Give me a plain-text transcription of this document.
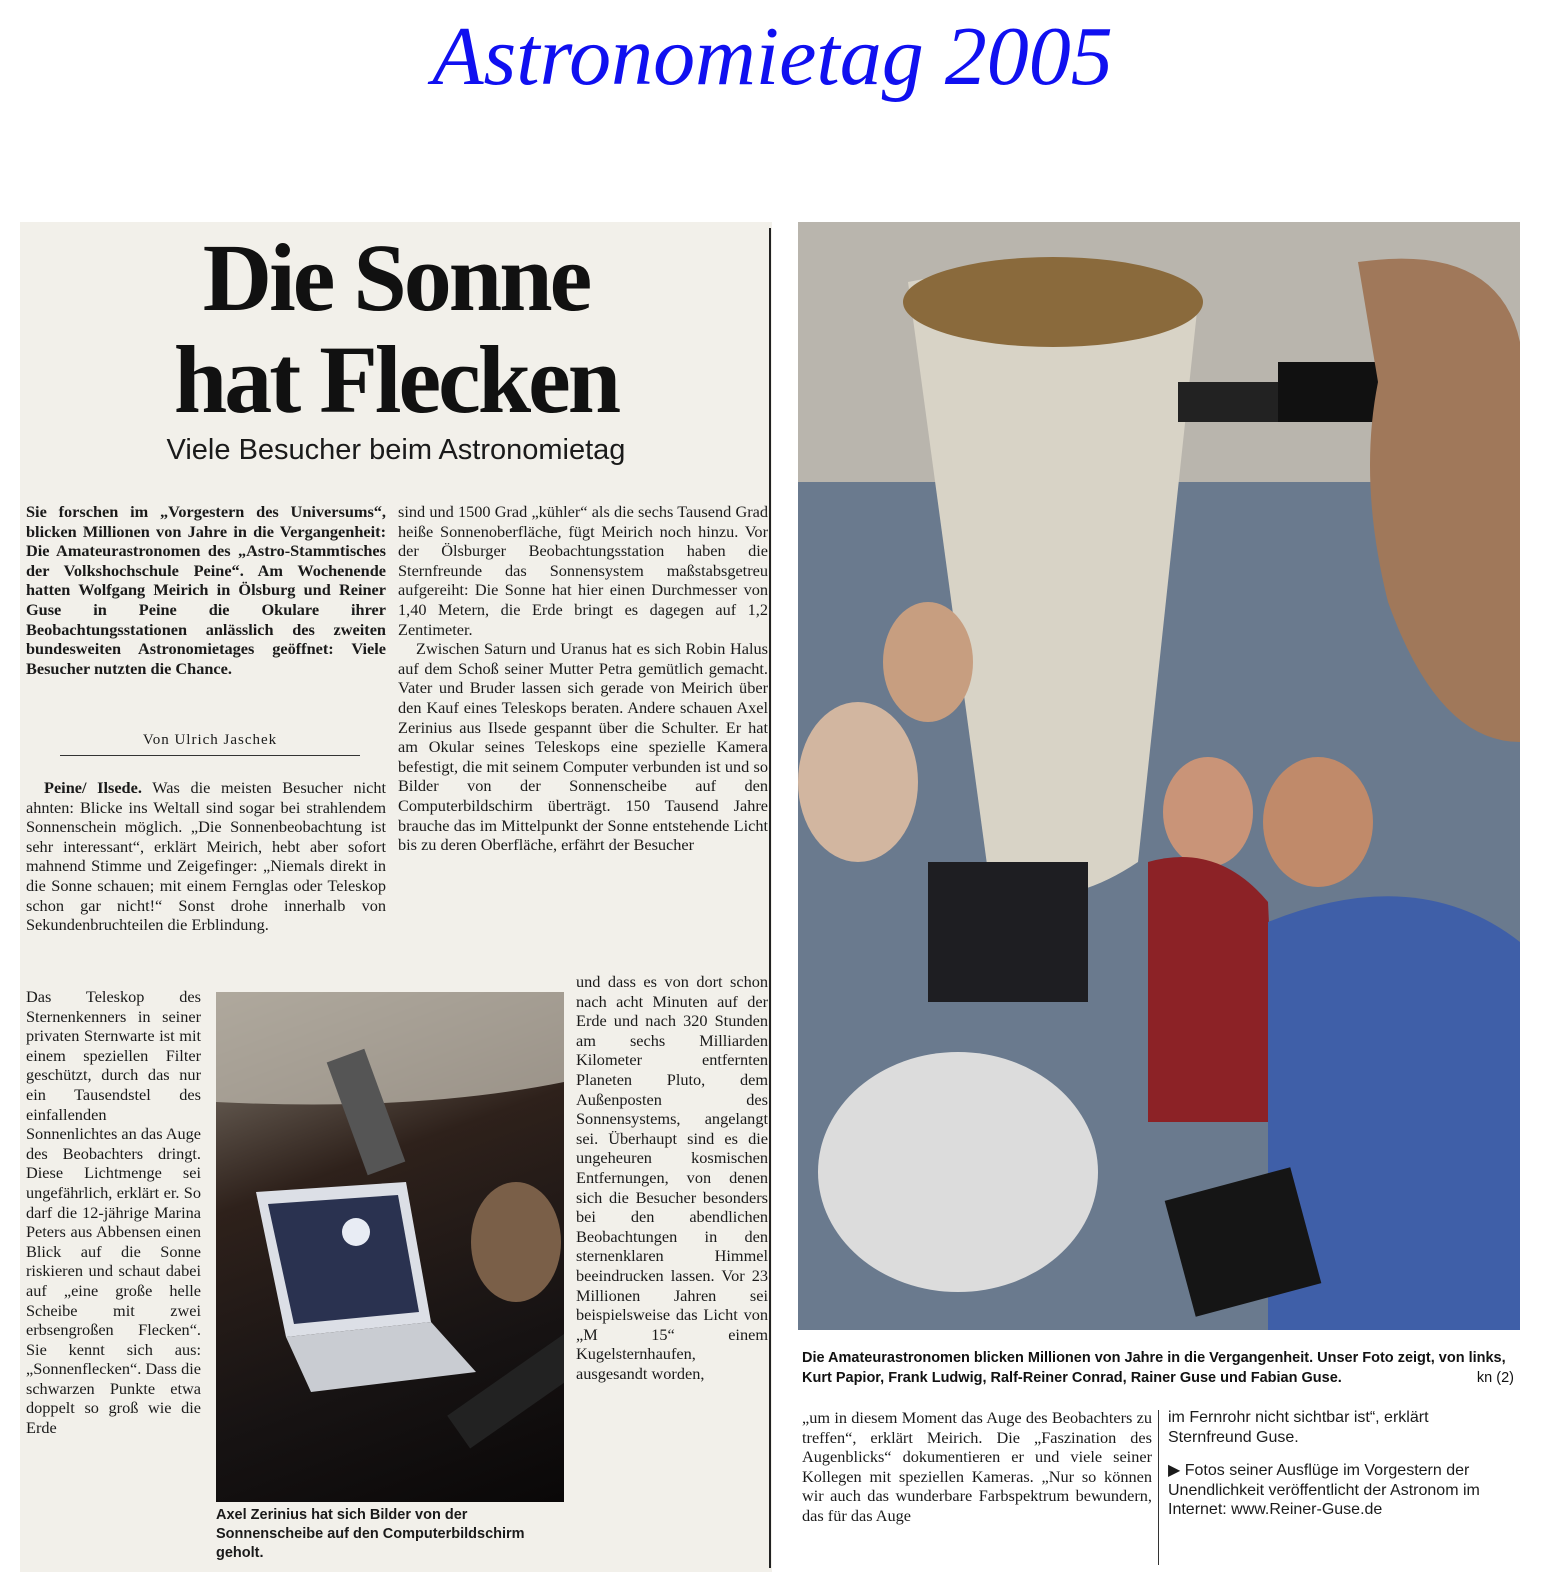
Astronomietag 2005
Die Sonne
hat Flecken
Viele Besucher beim Astronomietag
Sie forschen im „Vorgestern des Universums“, blicken Millionen von Jahre in die Vergangenheit: Die Amateurastronomen des „Astro-Stammtisches der Volkshochschule Peine“. Am Wochenende hatten Wolfgang Meirich in Ölsburg und Reiner Guse in Peine die Okulare ihrer Beobachtungsstationen anlässlich des zweiten bundesweiten Astronomietages geöffnet: Viele Besucher nutzten die Chance.
Von Ulrich Jaschek

Peine/ Ilsede. Was die meisten Besucher nicht ahnten: Blicke ins Weltall sind sogar bei strahlendem Sonnenschein möglich. „Die Sonnenbeobachtung ist sehr interessant“, erklärt Meirich, hebt aber sofort mahnend Stimme und Zeigefinger: „Niemals direkt in die Sonne schauen; mit einem Fernglas oder Teleskop schon gar nicht!“ Sonst drohe innerhalb von Sekundenbruchteilen die Erblindung.

Das Teleskop des Sternenkenners in seiner privaten Sternwarte ist mit einem speziellen Filter geschützt, durch das nur ein Tausendstel des einfallenden Sonnenlichtes an das Auge des Beobachters dringt. Diese Lichtmenge sei ungefährlich, erklärt er. So darf die 12-jährige Marina Peters aus Abbensen einen Blick auf die Sonne riskieren und schaut dabei auf „eine große helle Scheibe mit zwei erbsengroßen Flecken“. Sie kennt sich aus: „Sonnenflecken“. Dass die schwarzen Punkte etwa doppelt so groß wie die Erde

sind und 1500 Grad „kühler“ als die sechs Tausend Grad heiße Sonnenoberfläche, fügt Meirich noch hinzu. Vor der Ölsburger Beobachtungsstation haben die Sternfreunde das Sonnensystem maßstabsgetreu aufgereiht: Die Sonne hat hier einen Durchmesser von 1,40 Metern, die Erde bringt es dagegen auf 1,2 Zentimeter.

Zwischen Saturn und Uranus hat es sich Robin Halus auf dem Schoß seiner Mutter Petra gemütlich gemacht. Vater und Bruder lassen sich gerade von Meirich über den Kauf eines Teleskops beraten. Andere schauen Axel Zerinius aus Ilsede gespannt über die Schulter. Er hat am Okular seines Teleskops eine spezielle Kamera befestigt, die mit seinem Computer verbunden ist und so Bilder von der Sonnenscheibe auf den Computerbildschirm überträgt. 150 Tausend Jahre brauche das im Mittelpunkt der Sonne entstehende Licht bis zu deren Oberfläche, erfährt der Besucher

und dass es von dort schon nach acht Minuten auf der Erde und nach 320 Stunden am sechs Milliarden Kilometer entfernten Planeten Pluto, dem Außenposten des Sonnensystems, angelangt sei. Überhaupt sind es die ungeheuren kosmischen Entfernungen, von denen sich die Besucher besonders bei den abendlichen Beobachtungen in den sternenklaren Himmel beeindrucken lassen. Vor 23 Millionen Jahren sei beispielsweise das Licht von „M 15“ einem Kugelsternhaufen, ausgesandt worden,
Axel Zerinius hat sich Bilder von der Sonnenscheibe auf den Computerbildschirm geholt.
Die Amateurastronomen blicken Millionen von Jahre in die Vergangenheit. Unser Foto zeigt, von links, Kurt Papior, Frank Ludwig, Ralf-Reiner Conrad, Rainer Guse und Fabian Guse.	kn (2)
„um in diesem Moment das Auge des Beobachters zu treffen“, erklärt Meirich. Die „Faszination des Augenblicks“ dokumentieren er und viele seiner Kollegen mit speziellen Kameras. „Nur so können wir auch das wunderbare Farbspektrum bewundern, das für das Auge

im Fernrohr nicht sichtbar ist“, erklärt Sternfreund Guse.

▶ Fotos seiner Ausflüge im Vorgestern der Unendlichkeit veröffentlicht der Astronom im Internet: www.Reiner-Guse.de
